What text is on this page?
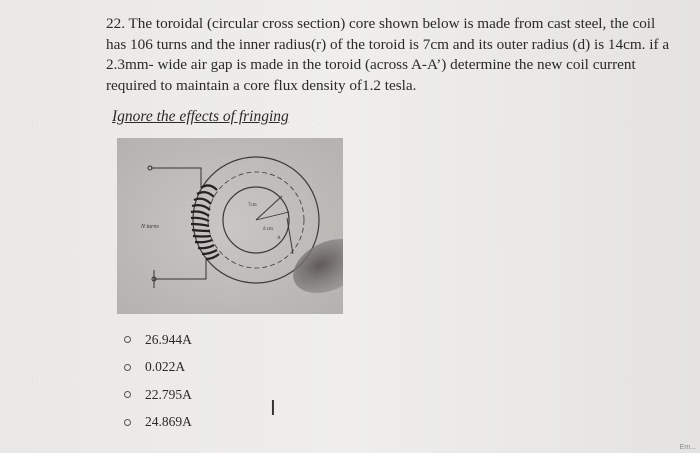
22. The toroidal (circular cross section) core shown below is made from cast steel, the coil has 106 turns and the inner radius(r) of the toroid is 7cm and its outer radius (d) is 14cm. if a 2.3mm- wide air gap is made in the toroid (across A-A’) determine the new coil current required to maintain a core flux density of1.2 tesla.

Ignore the effects of fringing
N turns
7cm
d cm
A
26.944A
0.022A
22.795A
24.869A
I
Em...
